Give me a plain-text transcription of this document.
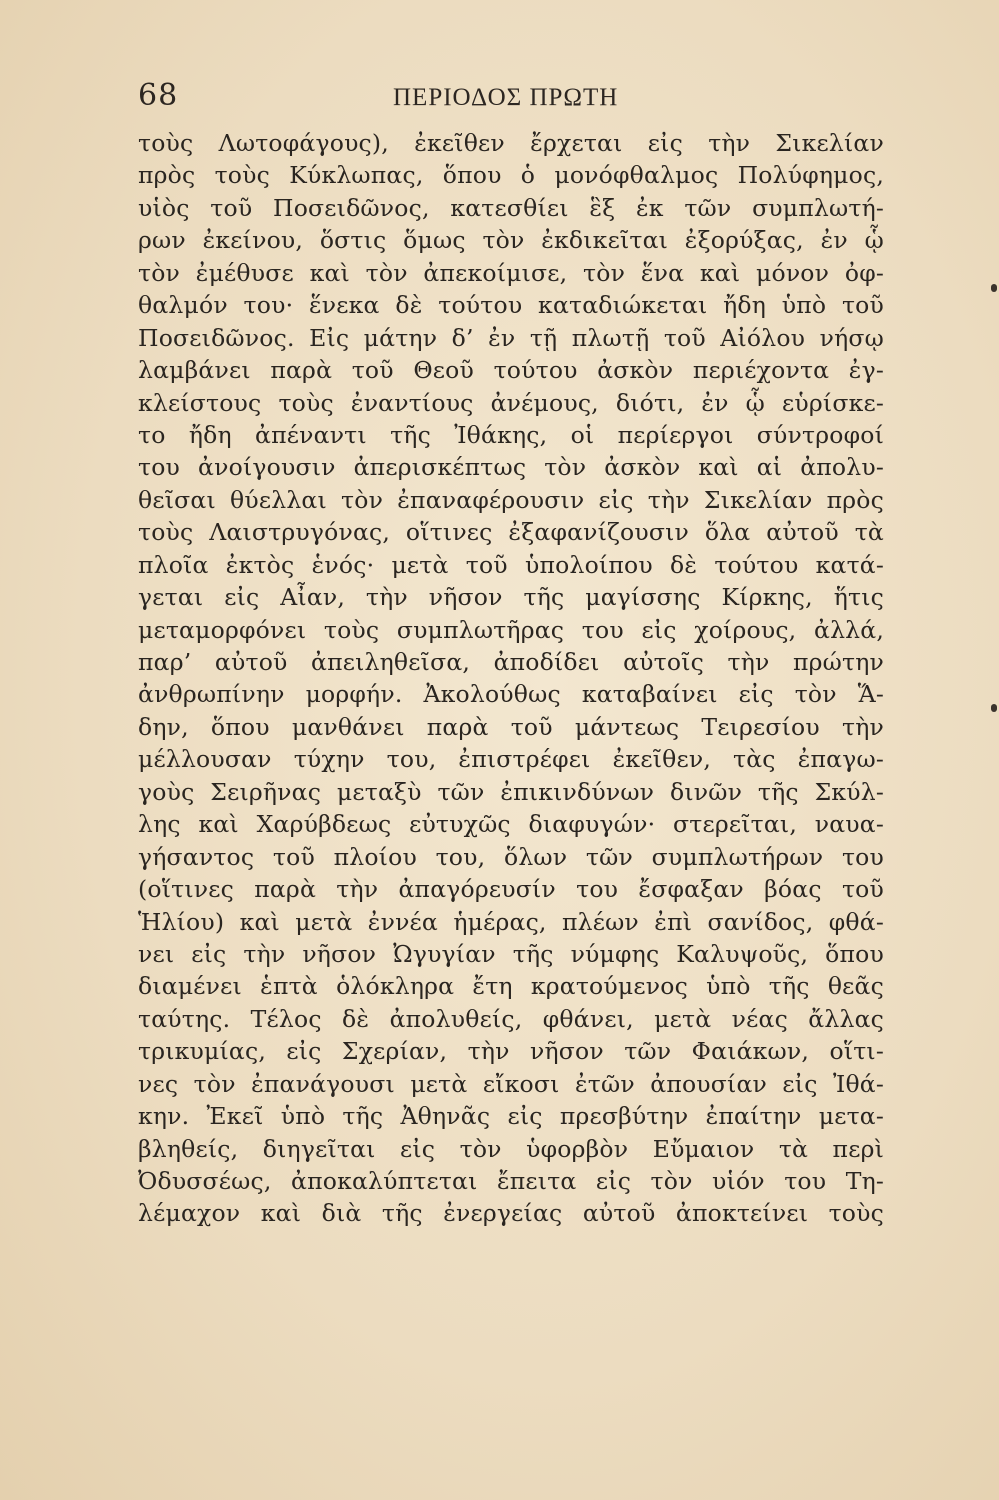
68	ΠΕΡΙΟΔΟΣ ΠΡΩΤΗ
τοὺς Λωτοφάγους), ἐκεῖθεν ἔρχεται εἰς τὴν Σικελίαν
πρὸς τοὺς Κύκλωπας, ὅπου ὁ μονόφθαλμος Πολύφημος,
υἱὸς τοῦ Ποσειδῶνος, κατεσθίει ἓξ ἐκ τῶν συμπλωτή-
ρων ἐκείνου, ὅστις ὅμως τὸν ἐκδικεῖται ἐξορύξας, ἐν ᾧ
τὸν ἐμέθυσε καὶ τὸν ἀπεκοίμισε, τὸν ἕνα καὶ μόνον ὀφ-
θαλμόν του· ἕνεκα δὲ τούτου καταδιώκεται ἤδη ὑπὸ τοῦ
Ποσειδῶνος. Εἰς μάτην δ’ ἐν τῇ πλωτῇ τοῦ Αἰόλου νήσῳ
λαμβάνει παρὰ τοῦ Θεοῦ τούτου ἀσκὸν περιέχοντα ἐγ-
κλείστους τοὺς ἐναντίους ἀνέμους, διότι, ἐν ᾧ εὑρίσκε-
το ἤδη ἀπέναντι τῆς Ἰθάκης, οἱ περίεργοι σύντροφοί
του ἀνοίγουσιν ἀπερισκέπτως τὸν ἀσκὸν καὶ αἱ ἀπολυ-
θεῖσαι θύελλαι τὸν ἐπαναφέρουσιν εἰς τὴν Σικελίαν πρὸς
τοὺς Λαιστρυγόνας, οἵτινες ἐξαφανίζουσιν ὅλα αὐτοῦ τὰ
πλοῖα ἐκτὸς ἑνός· μετὰ τοῦ ὑπολοίπου δὲ τούτου κατά-
γεται εἰς Αἶαν, τὴν νῆσον τῆς μαγίσσης Κίρκης, ἥτις
μεταμορφόνει τοὺς συμπλωτῆρας του εἰς χοίρους, ἀλλά,
παρ’ αὐτοῦ ἀπειληθεῖσα, ἀποδίδει αὐτοῖς τὴν πρώτην
ἀνθρωπίνην μορφήν. Ἀκολούθως καταβαίνει εἰς τὸν Ἅ-
δην, ὅπου μανθάνει παρὰ τοῦ μάντεως Τειρεσίου τὴν
μέλλουσαν τύχην του, ἐπιστρέφει ἐκεῖθεν, τὰς ἐπαγω-
γοὺς Σειρῆνας μεταξὺ τῶν ἐπικινδύνων δινῶν τῆς Σκύλ-
λης καὶ Χαρύβδεως εὐτυχῶς διαφυγών· στερεῖται, ναυα-
γήσαντος τοῦ πλοίου του, ὅλων τῶν συμπλωτήρων του
(οἵτινες παρὰ τὴν ἀπαγόρευσίν του ἔσφαξαν βόας τοῦ
Ἡλίου) καὶ μετὰ ἐννέα ἡμέρας, πλέων ἐπὶ σανίδος, φθά-
νει εἰς τὴν νῆσον Ὠγυγίαν τῆς νύμφης Καλυψοῦς, ὅπου
διαμένει ἑπτὰ ὁλόκληρα ἔτη κρατούμενος ὑπὸ τῆς θεᾶς
ταύτης. Τέλος δὲ ἀπολυθείς, φθάνει, μετὰ νέας ἄλλας
τρικυμίας, εἰς Σχερίαν, τὴν νῆσον τῶν Φαιάκων, οἵτι-
νες τὸν ἐπανάγουσι μετὰ εἴκοσι ἐτῶν ἀπουσίαν εἰς Ἰθά-
κην. Ἐκεῖ ὑπὸ τῆς Ἀθηνᾶς εἰς πρεσβύτην ἐπαίτην μετα-
βληθείς, διηγεῖται εἰς τὸν ὑφορβὸν Εὔμαιον τὰ περὶ
Ὀδυσσέως, ἀποκαλύπτεται ἔπειτα εἰς τὸν υἱόν του Τη-
λέμαχον καὶ διὰ τῆς ἐνεργείας αὐτοῦ ἀποκτείνει τοὺς
